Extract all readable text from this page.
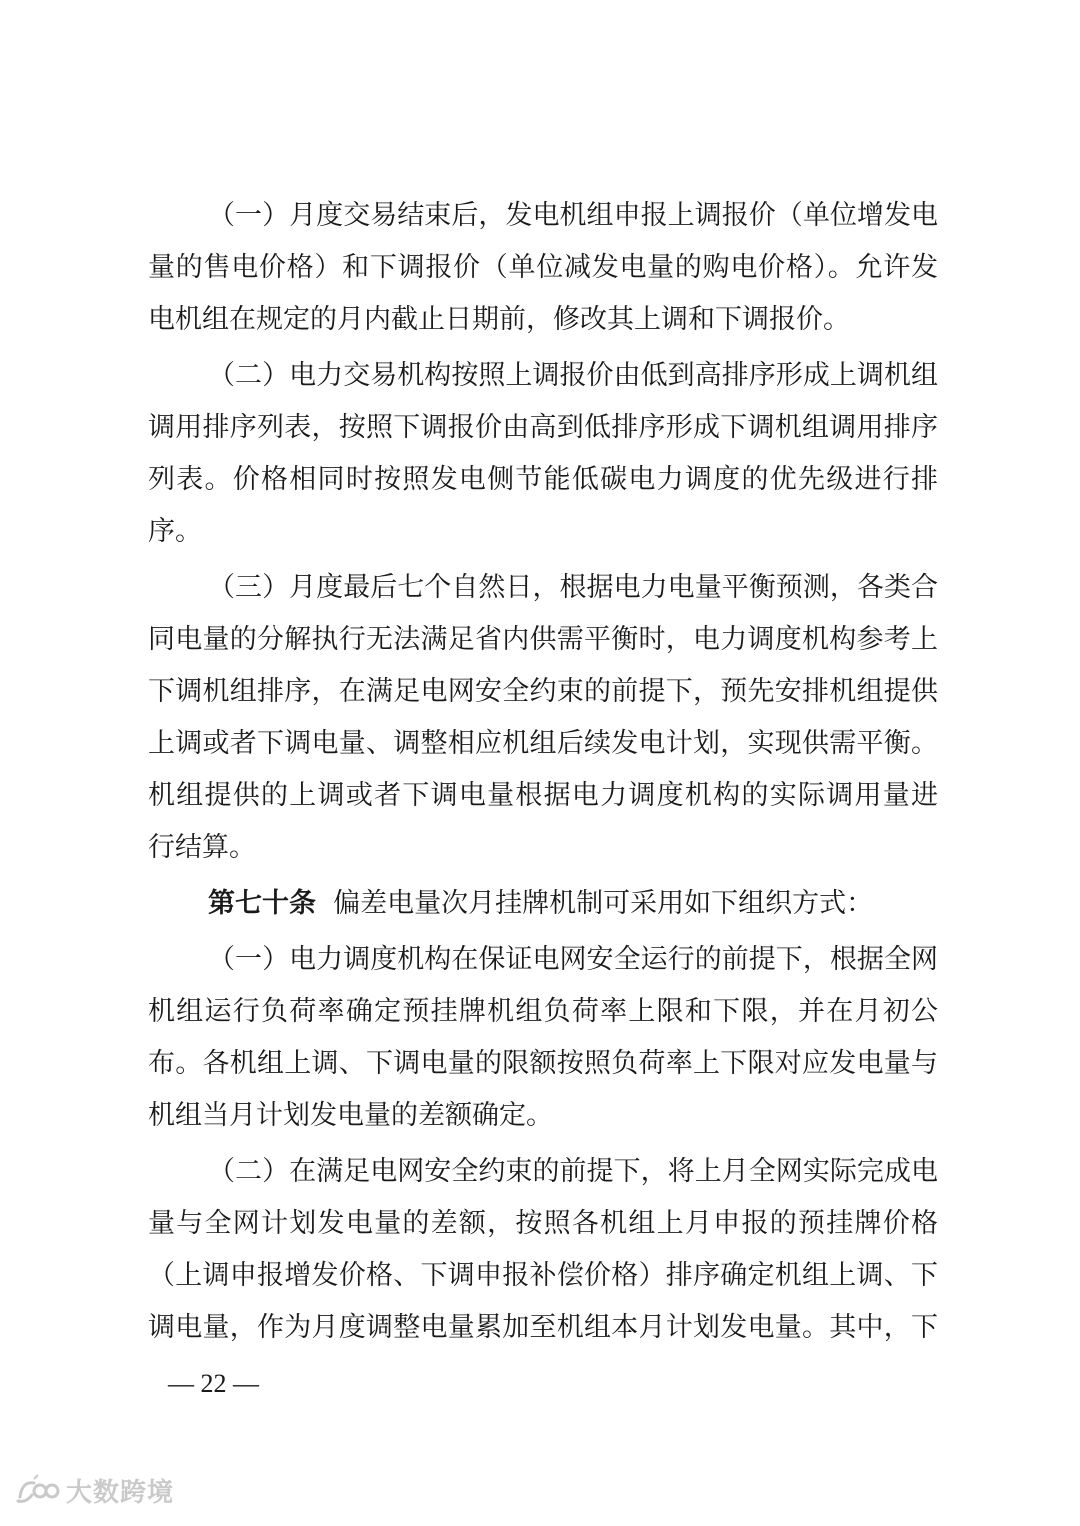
（一）月度交易结束后，发电机组申报上调报价（单位增发电
量的售电价格）和下调报价（单位减发电量的购电价格）。允许发
电机组在规定的月内截止日期前，修改其上调和下调报价。
（二）电力交易机构按照上调报价由低到高排序形成上调机组
调用排序列表，按照下调报价由高到低排序形成下调机组调用排序
列表。价格相同时按照发电侧节能低碳电力调度的优先级进行排
序。
（三）月度最后七个自然日，根据电力电量平衡预测，各类合
同电量的分解执行无法满足省内供需平衡时，电力调度机构参考上
下调机组排序，在满足电网安全约束的前提下，预先安排机组提供
上调或者下调电量、调整相应机组后续发电计划，实现供需平衡。
机组提供的上调或者下调电量根据电力调度机构的实际调用量进
行结算。
第七十条 偏差电量次月挂牌机制可采用如下组织方式：
（一）电力调度机构在保证电网安全运行的前提下，根据全网
机组运行负荷率确定预挂牌机组负荷率上限和下限，并在月初公
布。各机组上调、下调电量的限额按照负荷率上下限对应发电量与
机组当月计划发电量的差额确定。
（二）在满足电网安全约束的前提下，将上月全网实际完成电
量与全网计划发电量的差额，按照各机组上月申报的预挂牌价格
（上调申报增发价格、下调申报补偿价格）排序确定机组上调、下
调电量，作为月度调整电量累加至机组本月计划发电量。其中，下
— 22 —
大数跨境
